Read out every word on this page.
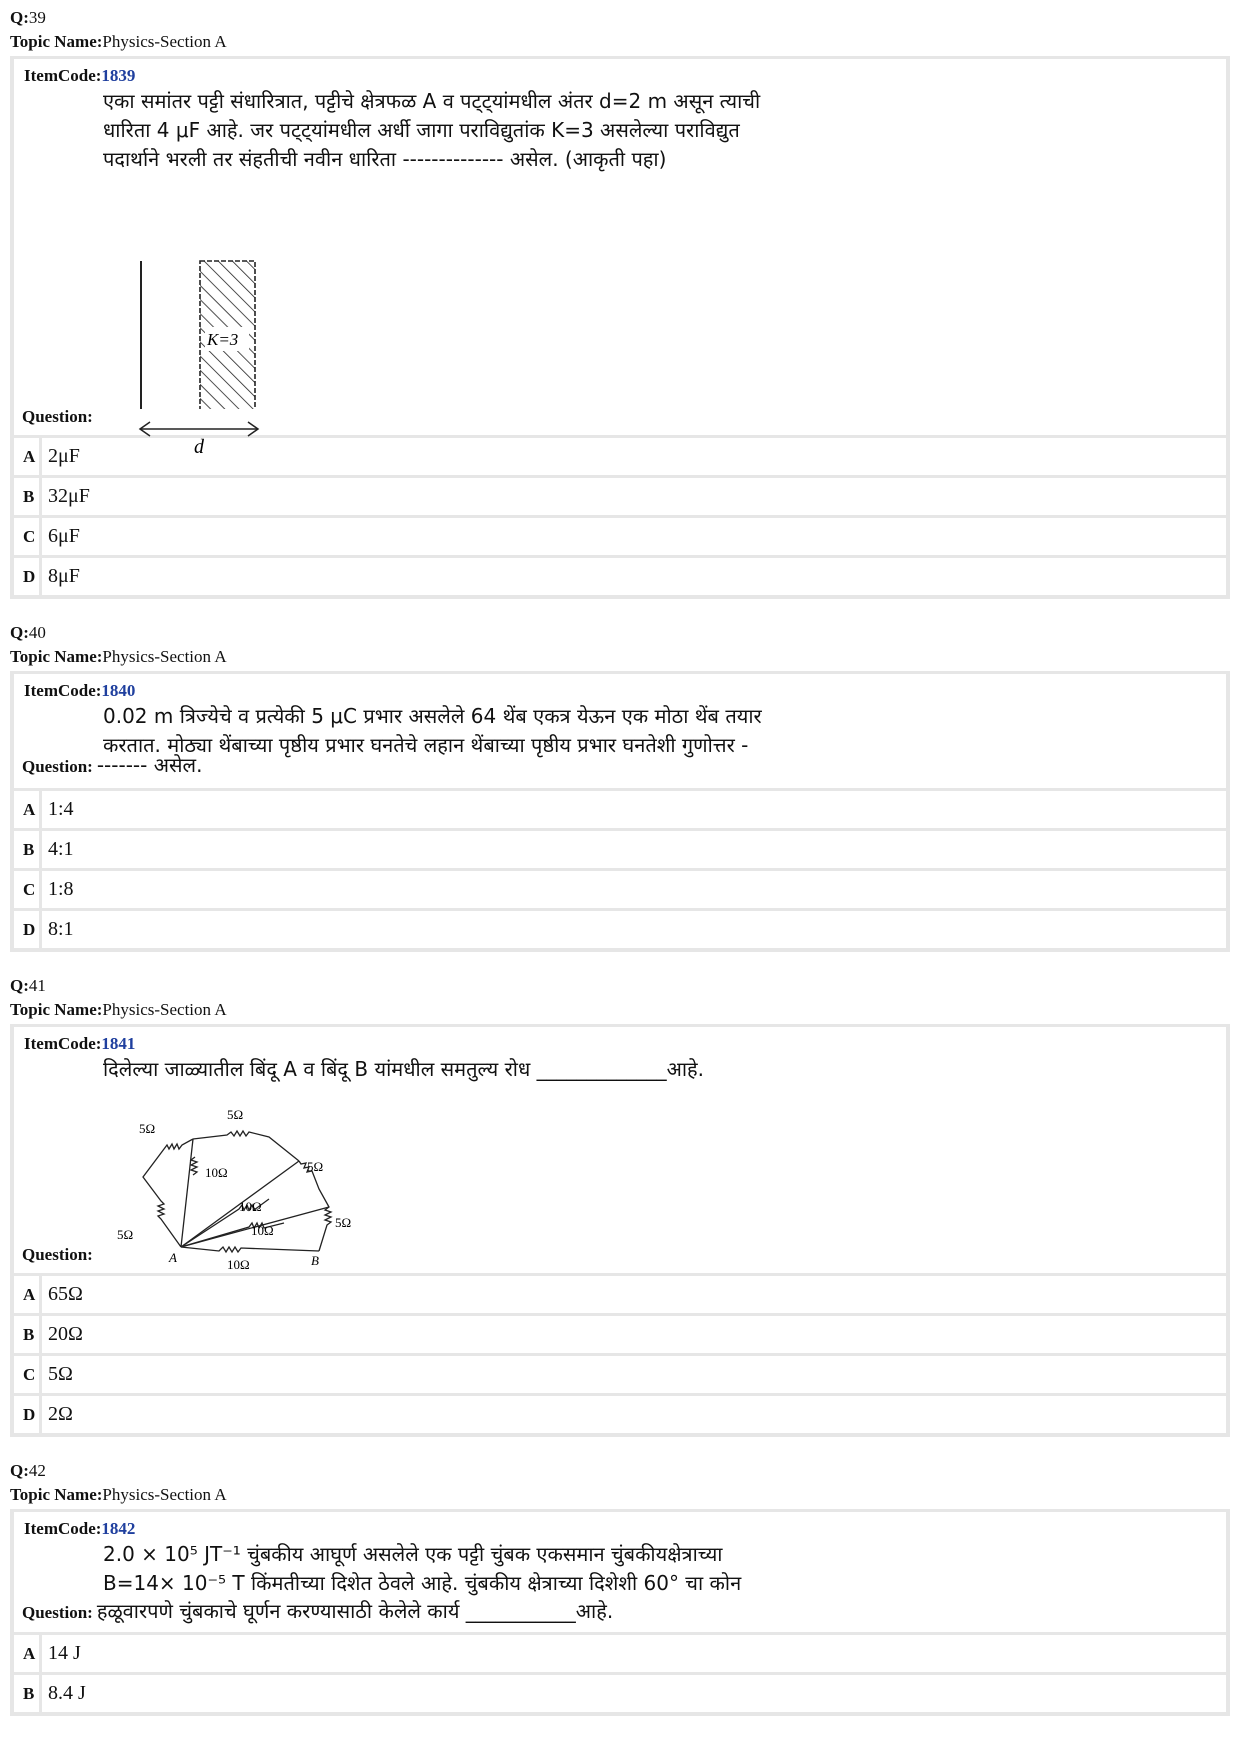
Q:39

Topic Name:Physics-Section A

ItemCode:1839
एका समांतर पट्टी संधारित्रात, पट्टीचे क्षेत्रफळ A व पट्ट्यांमधील अंतर d=2 m असून त्याची
धारिता 4 μF आहे. जर पट्ट्यांमधील अर्धी जागा पराविद्युतांक K=3 असलेल्या पराविद्युत
पदार्थाने भरली तर संहतीची नवीन धारिता -------------- असेल. (आकृती पहा)
Question:
K=3
d
A 2μF
B 32μF
C 6μF
D 8μF

Q:40

Topic Name:Physics-Section A

ItemCode:1840
0.02 m त्रिज्येचे व प्रत्येकी 5 μC प्रभार असलेले 64 थेंब एकत्र येऊन एक मोठा थेंब तयार
करतात. मोठ्या थेंबाच्या पृष्ठीय प्रभार घनतेचे लहान थेंबाच्या पृष्ठीय प्रभार घनतेशी गुणोत्तर -
Question: ------- असेल.
A 1:4
B 4:1
C 1:8
D 8:1

Q:41

Topic Name:Physics-Section A

ItemCode:1841
दिलेल्या जाळ्यातील बिंदू A व बिंदू B यांमधील समतुल्य रोध _____________आहे.
Question:
5Ω
5Ω
10Ω	5Ω
10Ω
5Ω
10Ω
5Ω
10Ω
A	B
A 65Ω
B 20Ω
C 5Ω
D 2Ω

Q:42

Topic Name:Physics-Section A

ItemCode:1842
2.0 × 10⁵ JT⁻¹ चुंबकीय आघूर्ण असलेले एक पट्टी चुंबक एकसमान चुंबकीयक्षेत्राच्या
B=14× 10⁻⁵ T किंमतीच्या दिशेत ठेवले आहे. चुंबकीय क्षेत्राच्या दिशेशी 60° चा कोन
Question: हळूवारपणे चुंबकाचे घूर्णन करण्यासाठी केलेले कार्य ___________आहे.
A 14 J
B 8.4 J
